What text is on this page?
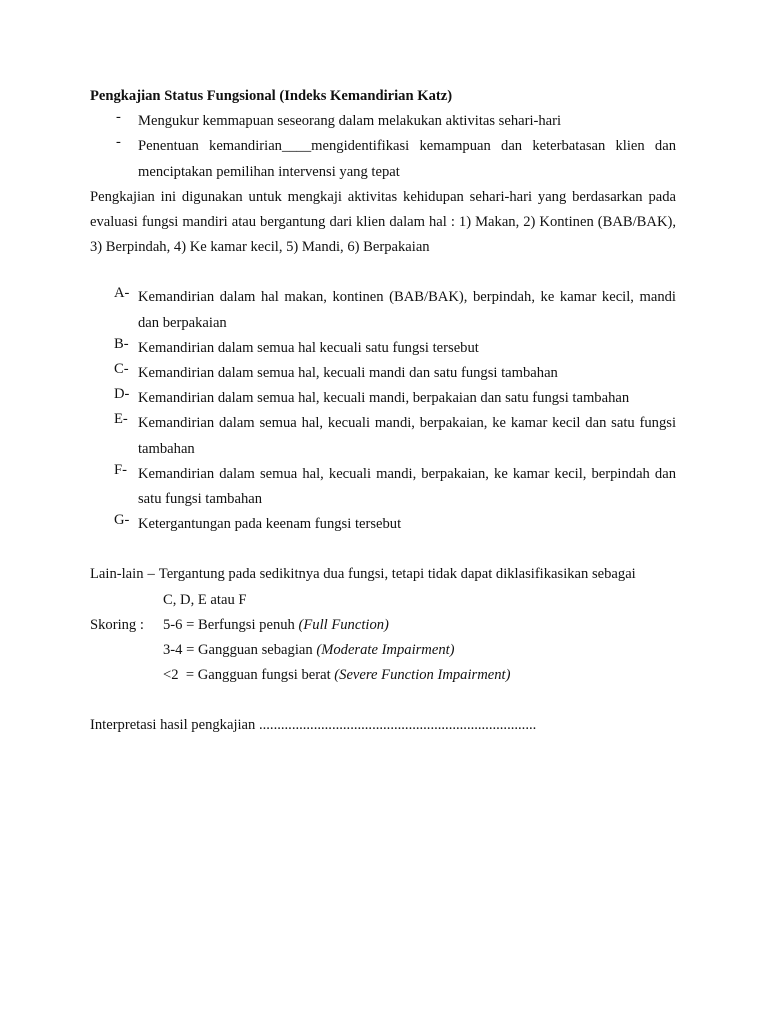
Pengkajian Status Fungsional (Indeks Kemandirian Katz)
-	Mengukur kemmapuan seseorang dalam melakukan aktivitas sehari-hari
-	Penentuan kemandirian____mengidentifikasi kemampuan dan keterbatasan klien dan menciptakan pemilihan intervensi yang tepat
Pengkajian ini digunakan untuk mengkaji aktivitas kehidupan sehari-hari yang berdasarkan pada evaluasi fungsi mandiri atau bergantung dari klien dalam hal : 1) Makan, 2) Kontinen (BAB/BAK), 3) Berpindah, 4) Ke kamar kecil, 5) Mandi, 6) Berpakaian
A- Kemandirian dalam hal makan, kontinen (BAB/BAK), berpindah, ke kamar kecil, mandi dan berpakaian
B- Kemandirian dalam semua hal kecuali satu fungsi tersebut
C- Kemandirian dalam semua hal, kecuali mandi dan satu fungsi tambahan
D- Kemandirian dalam semua hal, kecuali mandi, berpakaian dan satu fungsi tambahan
E- Kemandirian dalam semua hal, kecuali mandi, berpakaian, ke kamar kecil dan satu fungsi tambahan
F- Kemandirian dalam semua hal, kecuali mandi, berpakaian, ke kamar kecil, berpindah dan satu fungsi tambahan
G- Ketergantungan pada keenam fungsi tersebut
Lain-lain – Tergantung pada sedikitnya dua fungsi, tetapi tidak dapat diklasifikasikan sebagai
C, D, E atau F
Skoring :	5-6 = Berfungsi penuh (Full Function)
3-4 = Gangguan sebagian (Moderate Impairment)
<2  = Gangguan fungsi berat (Severe Function Impairment)
Interpretasi hasil pengkajian ............................................................................
